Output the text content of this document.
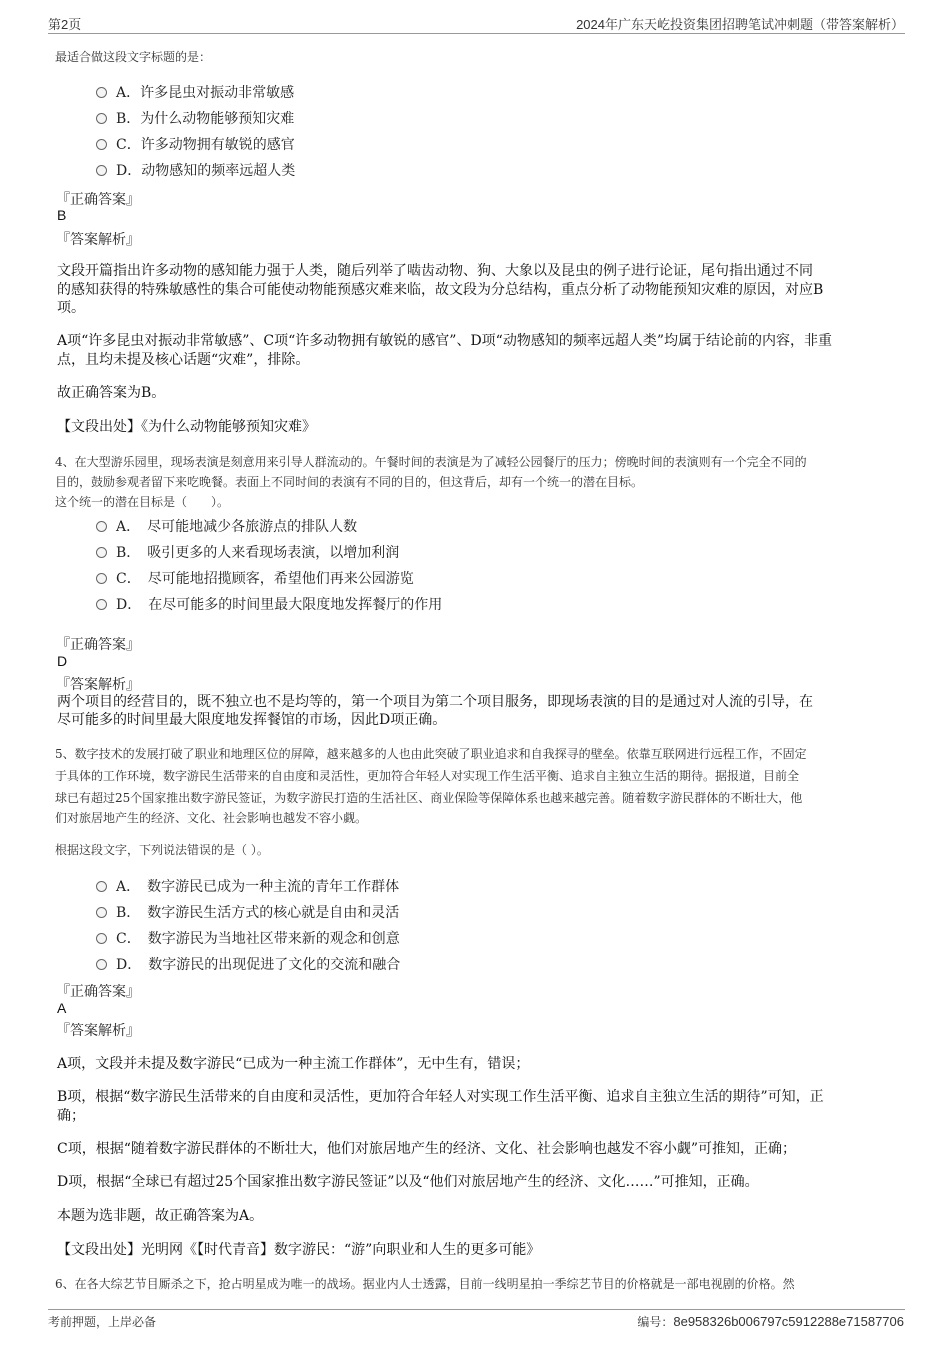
第2页	2024年广东天屹投资集团招聘笔试冲刺题（带答案解析）
最适合做这段文字标题的是：
A．许多昆虫对振动非常敏感
B．为什么动物能够预知灾难
C．许多动物拥有敏锐的感官
D．动物感知的频率远超人类
『正确答案』
B
『答案解析』
文段开篇指出许多动物的感知能力强于人类，随后列举了啮齿动物、狗、大象以及昆虫的例子进行论证，尾句指出通过不同
的感知获得的特殊敏感性的集合可能使动物能预感灾难来临，故文段为分总结构，重点分析了动物能预知灾难的原因，对应B
项。
A项“许多昆虫对振动非常敏感”、C项“许多动物拥有敏锐的感官”、D项“动物感知的频率远超人类”均属于结论前的内容，非重
点，且均未提及核心话题“灾难”，排除。
故正确答案为B。
【文段出处】《为什么动物能够预知灾难》
4、在大型游乐园里，现场表演是刻意用来引导人群流动的。午餐时间的表演是为了减轻公园餐厅的压力；傍晚时间的表演则有一个完全不同的
目的，鼓励参观者留下来吃晚餐。表面上不同时间的表演有不同的目的，但这背后，却有一个统一的潜在目标。
这个统一的潜在目标是（　　）。
A．　尽可能地减少各旅游点的排队人数
B．　吸引更多的人来看现场表演，以增加利润
C．　尽可能地招揽顾客，希望他们再来公园游览
D．　在尽可能多的时间里最大限度地发挥餐厅的作用
『正确答案』
D
『答案解析』
两个项目的经营目的，既不独立也不是均等的，第一个项目为第二个项目服务，即现场表演的目的是通过对人流的引导，在
尽可能多的时间里最大限度地发挥餐馆的市场，因此D项正确。
5、数字技术的发展打破了职业和地理区位的屏障，越来越多的人也由此突破了职业追求和自我探寻的壁垒。依靠互联网进行远程工作，不固定
于具体的工作环境，数字游民生活带来的自由度和灵活性，更加符合年轻人对实现工作生活平衡、追求自主独立生活的期待。据报道，目前全
球已有超过25个国家推出数字游民签证，为数字游民打造的生活社区、商业保险等保障体系也越来越完善。随着数字游民群体的不断壮大，他
们对旅居地产生的经济、文化、社会影响也越发不容小觑。
根据这段文字，下列说法错误的是（ ）。
A．　数字游民已成为一种主流的青年工作群体
B．　数字游民生活方式的核心就是自由和灵活
C．　数字游民为当地社区带来新的观念和创意
D．　数字游民的出现促进了文化的交流和融合
『正确答案』
A
『答案解析』
A项，文段并未提及数字游民“已成为一种主流工作群体”，无中生有，错误；
B项，根据“数字游民生活带来的自由度和灵活性，更加符合年轻人对实现工作生活平衡、追求自主独立生活的期待”可知，正
确；
C项，根据“随着数字游民群体的不断壮大，他们对旅居地产生的经济、文化、社会影响也越发不容小觑”可推知，正确；
D项，根据“全球已有超过25个国家推出数字游民签证”以及“他们对旅居地产生的经济、文化……”可推知，正确。
本题为选非题，故正确答案为A。
【文段出处】光明网《【时代青音】数字游民：“游”向职业和人生的更多可能》
6、在各大综艺节目厮杀之下，抢占明星成为唯一的战场。据业内人士透露，目前一线明星拍一季综艺节目的价格就是一部电视剧的价格。然
考前押题，上岸必备	编号：8e958326b006797c5912288e71587706
